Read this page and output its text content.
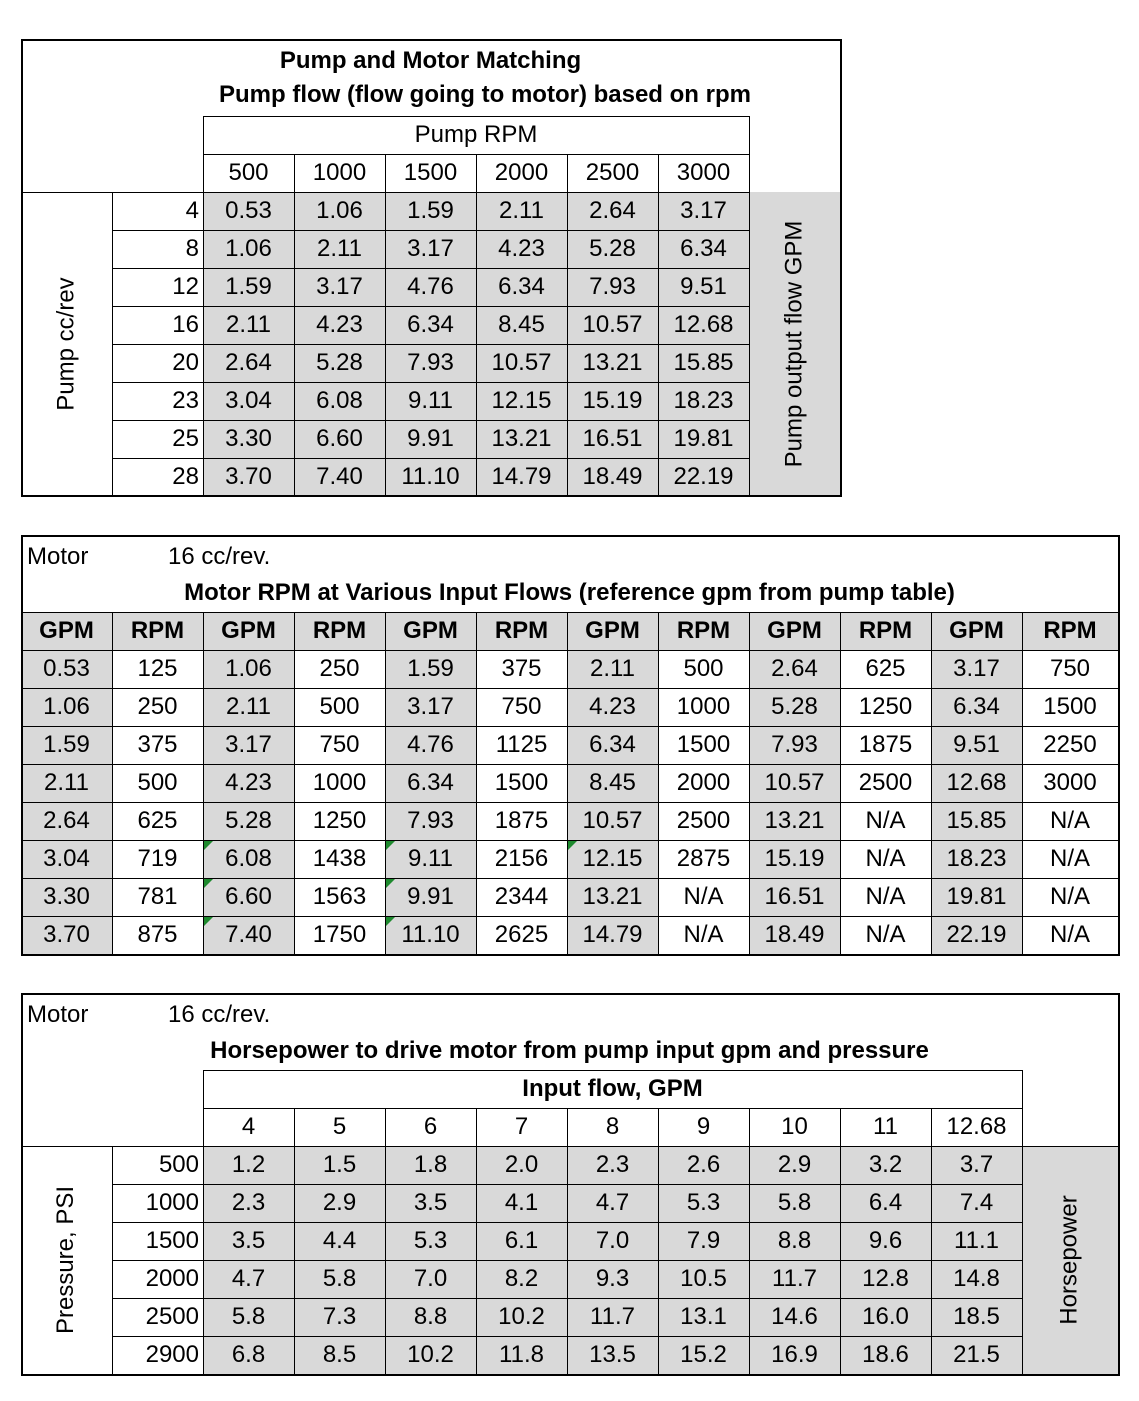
Pump and Motor Matching
Pump flow (flow going to motor) based on rpm
Pump RPM
500	1000	1500	2000	2500	3000
4	0.53	1.06	1.59	2.11	2.64	3.17
8	1.06	2.11	3.17	4.23	5.28	6.34
12	1.59	3.17	4.76	6.34	7.93	9.51
16	2.11	4.23	6.34	8.45	10.57	12.68
20	2.64	5.28	7.93	10.57	13.21	15.85
23	3.04	6.08	9.11	12.15	15.19	18.23
25	3.30	6.60	9.91	13.21	16.51	19.81
28	3.70	7.40	11.10	14.79	18.49	22.19
Pump cc/rev	Pump output flow GPM
Motor	16 cc/rev.
Motor RPM at Various Input Flows (reference gpm from pump table)
GPM	RPM	GPM	RPM	GPM	RPM	GPM	RPM	GPM	RPM	GPM	RPM
0.53	125	1.06	250	1.59	375	2.11	500	2.64	625	3.17	750
1.06	250	2.11	500	3.17	750	4.23	1000	5.28	1250	6.34	1500
1.59	375	3.17	750	4.76	1125	6.34	1500	7.93	1875	9.51	2250
2.11	500	4.23	1000	6.34	1500	8.45	2000	10.57	2500	12.68	3000
2.64	625	5.28	1250	7.93	1875	10.57	2500	13.21	N/A	15.85	N/A
3.04	719	6.08	1438	9.11	2156	12.15	2875	15.19	N/A	18.23	N/A
3.30	781	6.60	1563	9.91	2344	13.21	N/A	16.51	N/A	19.81	N/A
3.70	875	7.40	1750	11.10	2625	14.79	N/A	18.49	N/A	22.19	N/A
Motor	16 cc/rev.
Horsepower to drive motor from pump input gpm and pressure
Input flow, GPM
4	5	6	7	8	9	10	11	12.68
500	1.2	1.5	1.8	2.0	2.3	2.6	2.9	3.2	3.7
1000	2.3	2.9	3.5	4.1	4.7	5.3	5.8	6.4	7.4
1500	3.5	4.4	5.3	6.1	7.0	7.9	8.8	9.6	11.1
2000	4.7	5.8	7.0	8.2	9.3	10.5	11.7	12.8	14.8
2500	5.8	7.3	8.8	10.2	11.7	13.1	14.6	16.0	18.5
2900	6.8	8.5	10.2	11.8	13.5	15.2	16.9	18.6	21.5
Pressure, PSI	Horsepower
